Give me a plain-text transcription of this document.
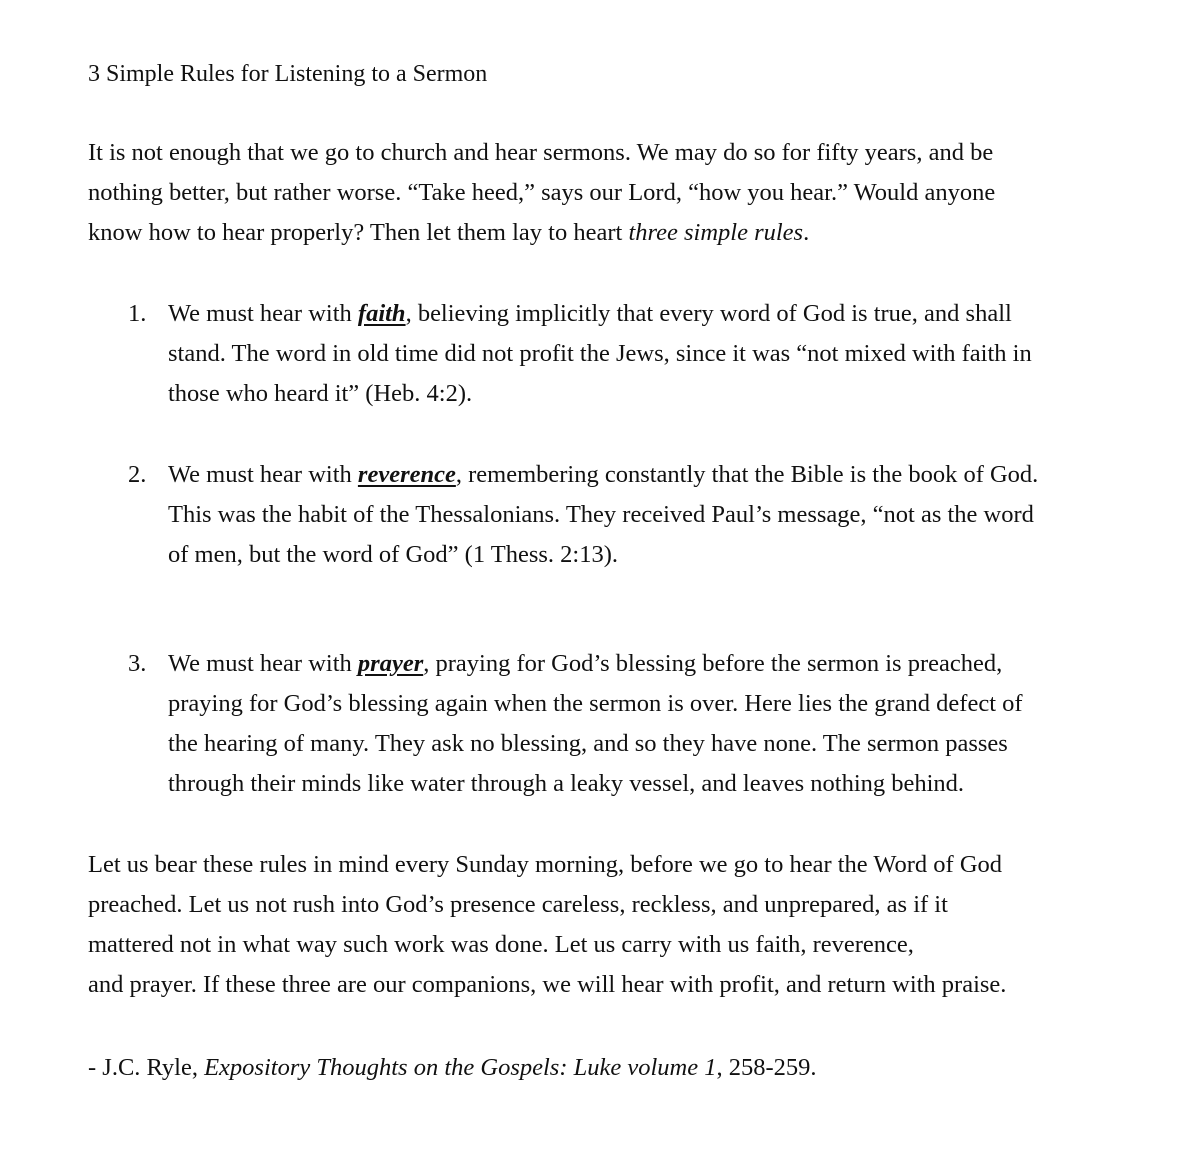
3 Simple Rules for Listening to a Sermon
It is not enough that we go to church and hear sermons. We may do so for fifty years, and be
nothing better, but rather worse. “Take heed,” says our Lord, “how you hear.” Would anyone
know how to hear properly? Then let them lay to heart three simple rules.
1. We must hear with faith, believing implicitly that every word of God is true, and shall
stand. The word in old time did not profit the Jews, since it was “not mixed with faith in
those who heard it” (Heb. 4:2).
2. We must hear with reverence, remembering constantly that the Bible is the book of God.
This was the habit of the Thessalonians. They received Paul’s message, “not as the word
of men, but the word of God” (1 Thess. 2:13).
3. We must hear with prayer, praying for God’s blessing before the sermon is preached,
praying for God’s blessing again when the sermon is over. Here lies the grand defect of
the hearing of many. They ask no blessing, and so they have none. The sermon passes
through their minds like water through a leaky vessel, and leaves nothing behind.
Let us bear these rules in mind every Sunday morning, before we go to hear the Word of God
preached. Let us not rush into God’s presence careless, reckless, and unprepared, as if it
mattered not in what way such work was done. Let us carry with us faith, reverence,
and prayer. If these three are our companions, we will hear with profit, and return with praise.
- J.C. Ryle, Expository Thoughts on the Gospels: Luke volume 1, 258-259.
